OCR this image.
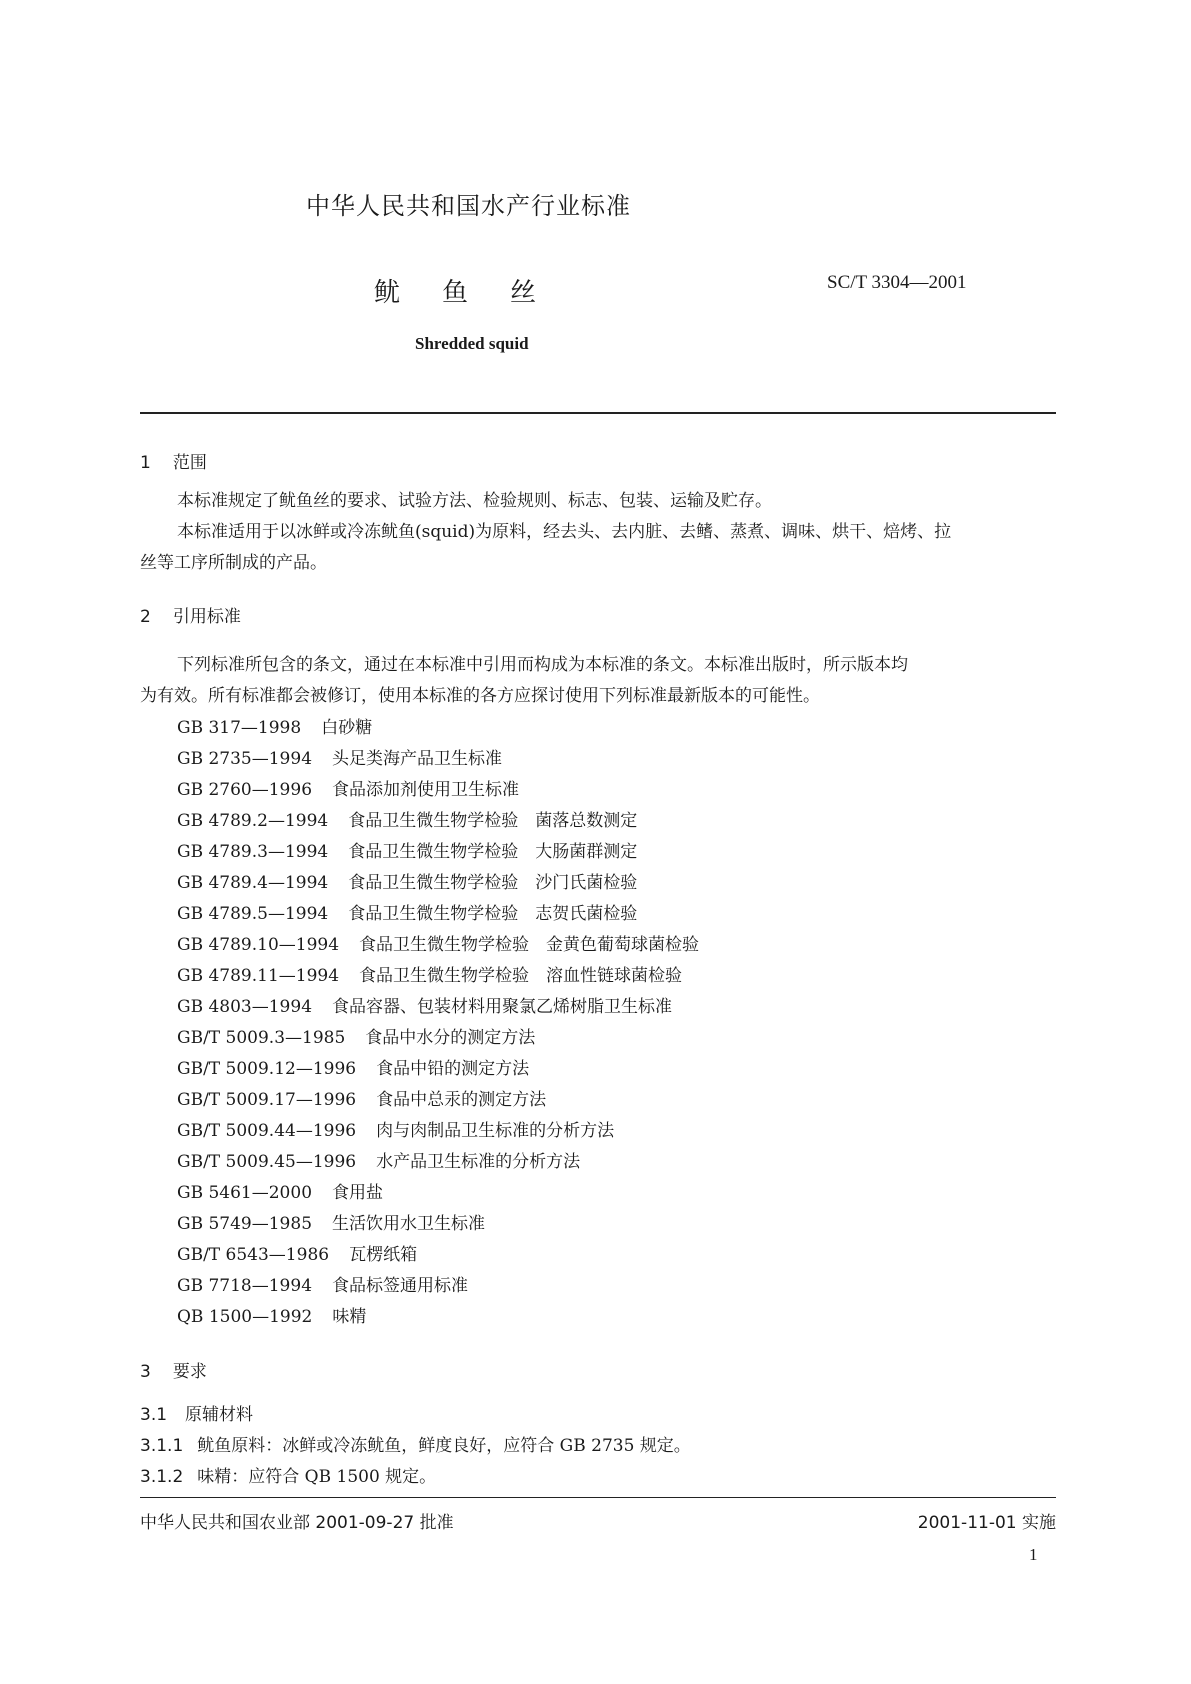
中华人民共和国水产行业标准
鱿鱼丝	SC/T 3304—2001
Shredded squid
1 范围
本标准规定了鱿鱼丝的要求、试验方法、检验规则、标志、包装、运输及贮存。
本标准适用于以冰鲜或冷冻鱿鱼(squid)为原料，经去头、去内脏、去鳍、蒸煮、调味、烘干、焙烤、拉
丝等工序所制成的产品。
2 引用标准
下列标准所包含的条文，通过在本标准中引用而构成为本标准的条文。本标准出版时，所示版本均
为有效。所有标准都会被修订，使用本标准的各方应探讨使用下列标准最新版本的可能性。
GB 317—1998 白砂糖
GB 2735—1994 头足类海产品卫生标准
GB 2760—1996 食品添加剂使用卫生标准
GB 4789.2—1994 食品卫生微生物学检验　菌落总数测定
GB 4789.3—1994 食品卫生微生物学检验　大肠菌群测定
GB 4789.4—1994 食品卫生微生物学检验　沙门氏菌检验
GB 4789.5—1994 食品卫生微生物学检验　志贺氏菌检验
GB 4789.10—1994 食品卫生微生物学检验　金黄色葡萄球菌检验
GB 4789.11—1994 食品卫生微生物学检验　溶血性链球菌检验
GB 4803—1994 食品容器、包装材料用聚氯乙烯树脂卫生标准
GB/T 5009.3—1985 食品中水分的测定方法
GB/T 5009.12—1996 食品中铅的测定方法
GB/T 5009.17—1996 食品中总汞的测定方法
GB/T 5009.44—1996 肉与肉制品卫生标准的分析方法
GB/T 5009.45—1996 水产品卫生标准的分析方法
GB 5461—2000 食用盐
GB 5749—1985 生活饮用水卫生标准
GB/T 6543—1986 瓦楞纸箱
GB 7718—1994 食品标签通用标准
QB 1500—1992 味精
3 要求
3.1 原辅材料
3.1.1 鱿鱼原料：冰鲜或冷冻鱿鱼，鲜度良好，应符合 GB 2735 规定。
3.1.2 味精：应符合 QB 1500 规定。
中华人民共和国农业部 2001-09-27 批准	2001-11-01 实施
1
